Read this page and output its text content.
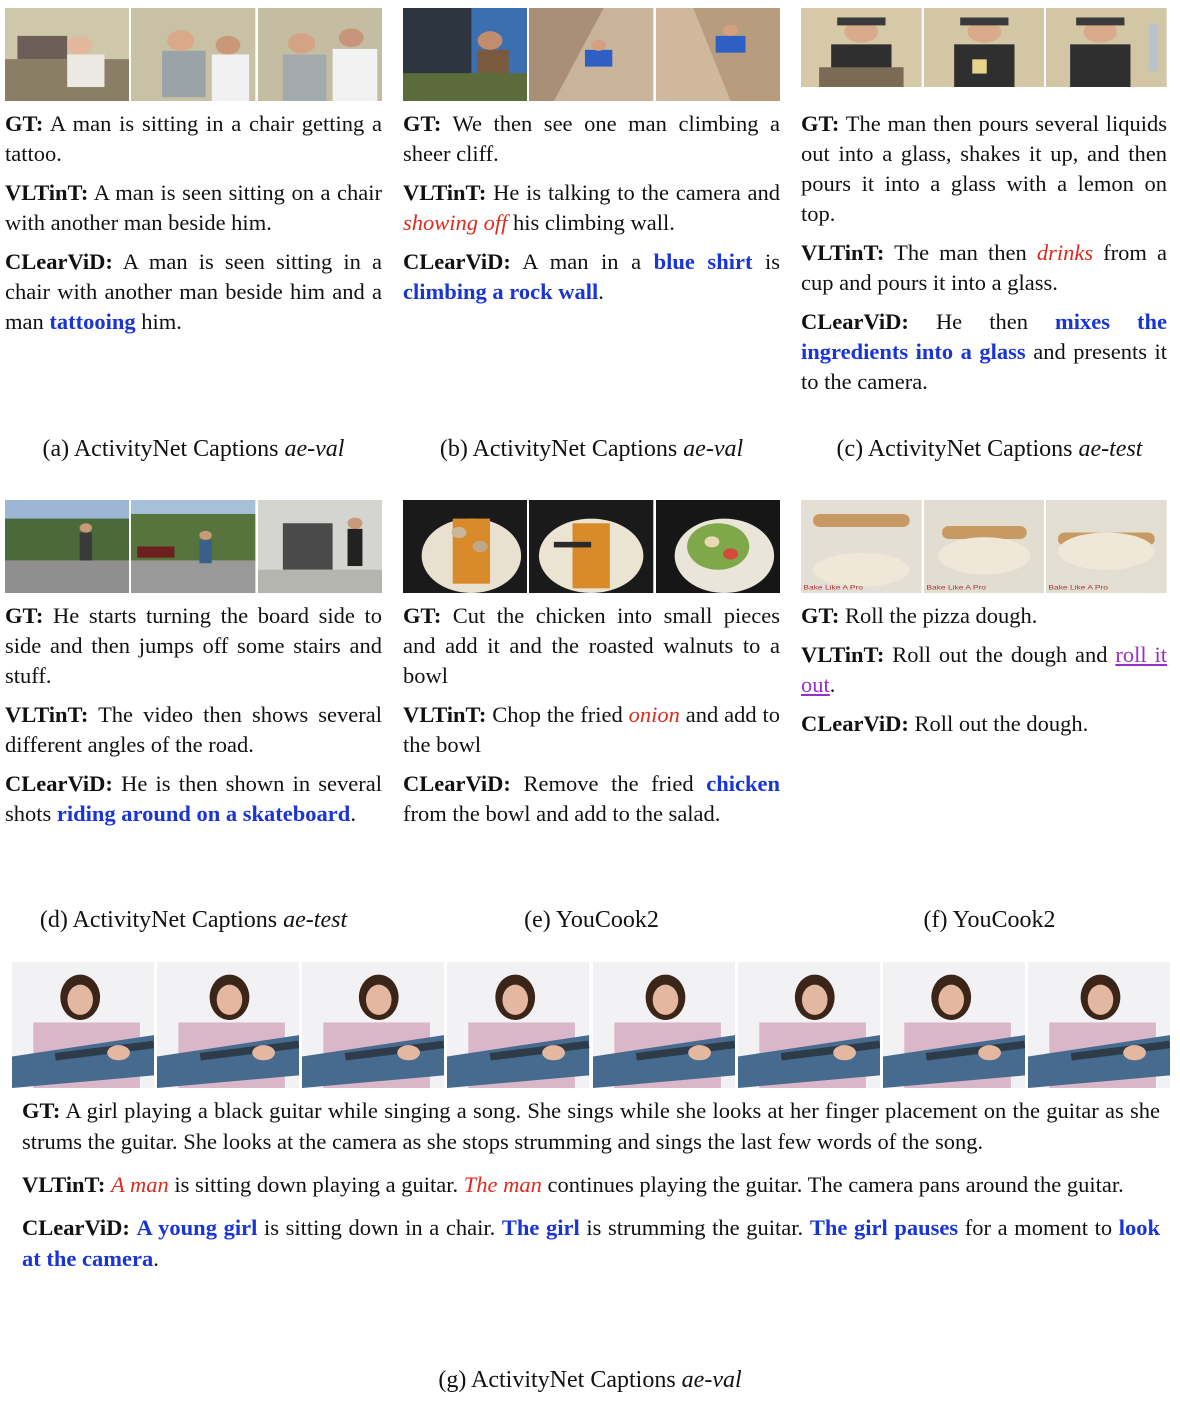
GT: A man is sitting in a chair getting a tattoo.

VLTinT: A man is seen sitting on a chair with another man beside him.

CLearViD: A man is seen sitting in a chair with another man beside him and a man tattooing him.

GT: We then see one man climbing a sheer cliff.

VLTinT: He is talking to the camera and showing off his climbing wall.

CLearViD: A man in a blue shirt is climbing a rock wall.

GT: The man then pours several liquids out into a glass, shakes it up, and then pours it into a glass with a lemon on top.

VLTinT: The man then drinks from a cup and pours it into a glass.

CLearViD: He then mixes the ingredients into a glass and presents it to the camera.

(a) ActivityNet Captions ae-val	(b) ActivityNet Captions ae-val	(c) ActivityNet Captions ae-test

GT: He starts turning the board side to side and then jumps off some stairs and stuff.

VLTinT: The video then shows several different angles of the road.

CLearViD: He is then shown in several shots riding around on a skateboard.

GT: Cut the chicken into small pieces and add it and the roasted walnuts to a bowl

VLTinT: Chop the fried onion and add to the bowl

CLearViD: Remove the fried chicken from the bowl and add to the salad.

Bake Like A Pro	Bake Like A Pro	Bake Like A Pro

GT: Roll the pizza dough.

VLTinT: Roll out the dough and roll it out.

CLearViD: Roll out the dough.

(d) ActivityNet Captions ae-test	(e) YouCook2	(f) YouCook2

GT: A girl playing a black guitar while singing a song. She sings while she looks at her finger placement on the guitar as she strums the guitar. She looks at the camera as she stops strumming and sings the last few words of the song.

VLTinT: A man is sitting down playing a guitar. The man continues playing the guitar. The camera pans around the guitar.

CLearViD: A young girl is sitting down in a chair. The girl is strumming the guitar. The girl pauses for a moment to look at the camera.

(g) ActivityNet Captions ae-val
